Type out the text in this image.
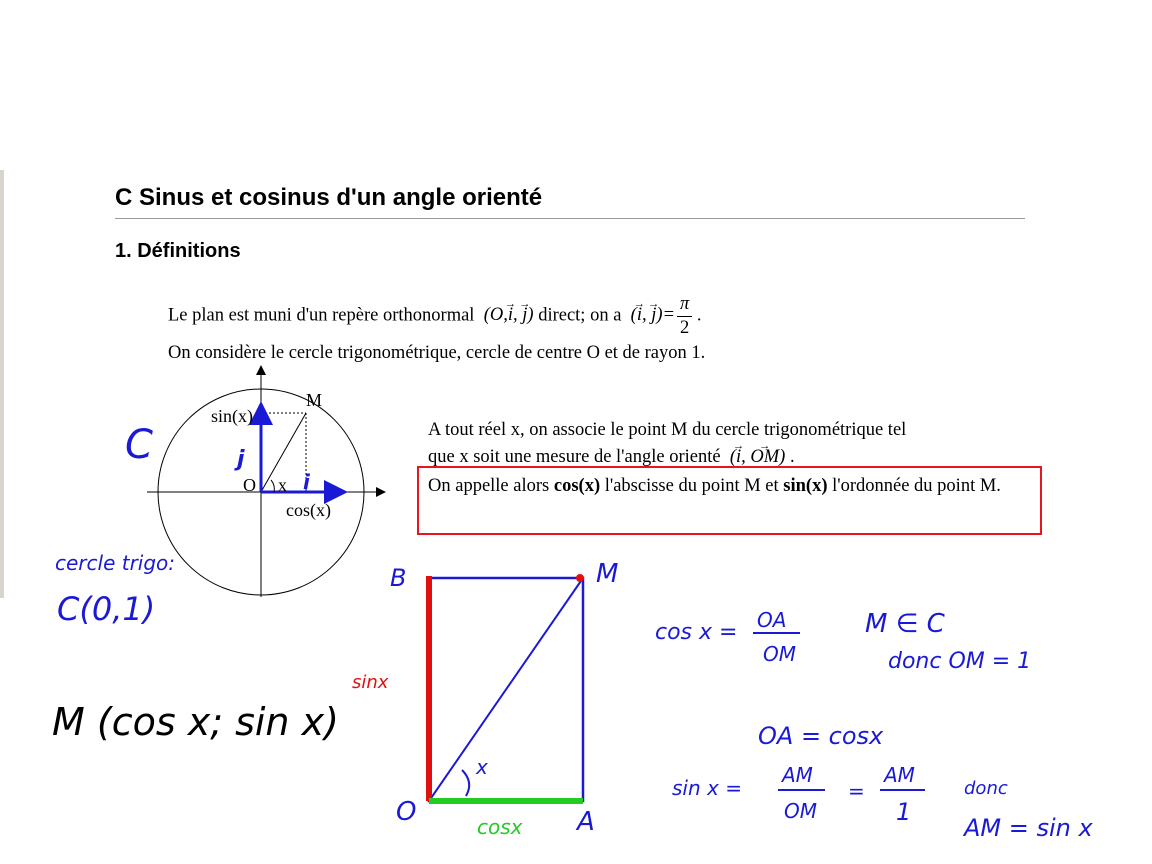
C Sinus et cosinus d'un angle orienté
1. Définitions
Le plan est muni d'un repère orthonormal  (O,i →, j →) direct; on a  (i →, j →)= $\frac{\pi}{2}$ .
On considère le cercle trigonométrique, cercle de centre O et de rayon 1.
A tout réel x, on associe le point M du cercle trigonométrique tel
que x soit une mesure de l'angle orienté  (i →, OM →) .
On appelle alors cos(x) l'abscisse du point M et sin(x) l'ordonnée du point M.
M
sin(x)
O x
cos(x)
C	j
i
cercle trigo:
C(0,1)
M (cos x; sin x)
B	M
O	A
x
sinx
cosx
cos x = OA
OM
M ∈ C
donc OM = 1
OA = cosx
sin x =
AM
OM
=
AM
1
donc
AM = sin x
